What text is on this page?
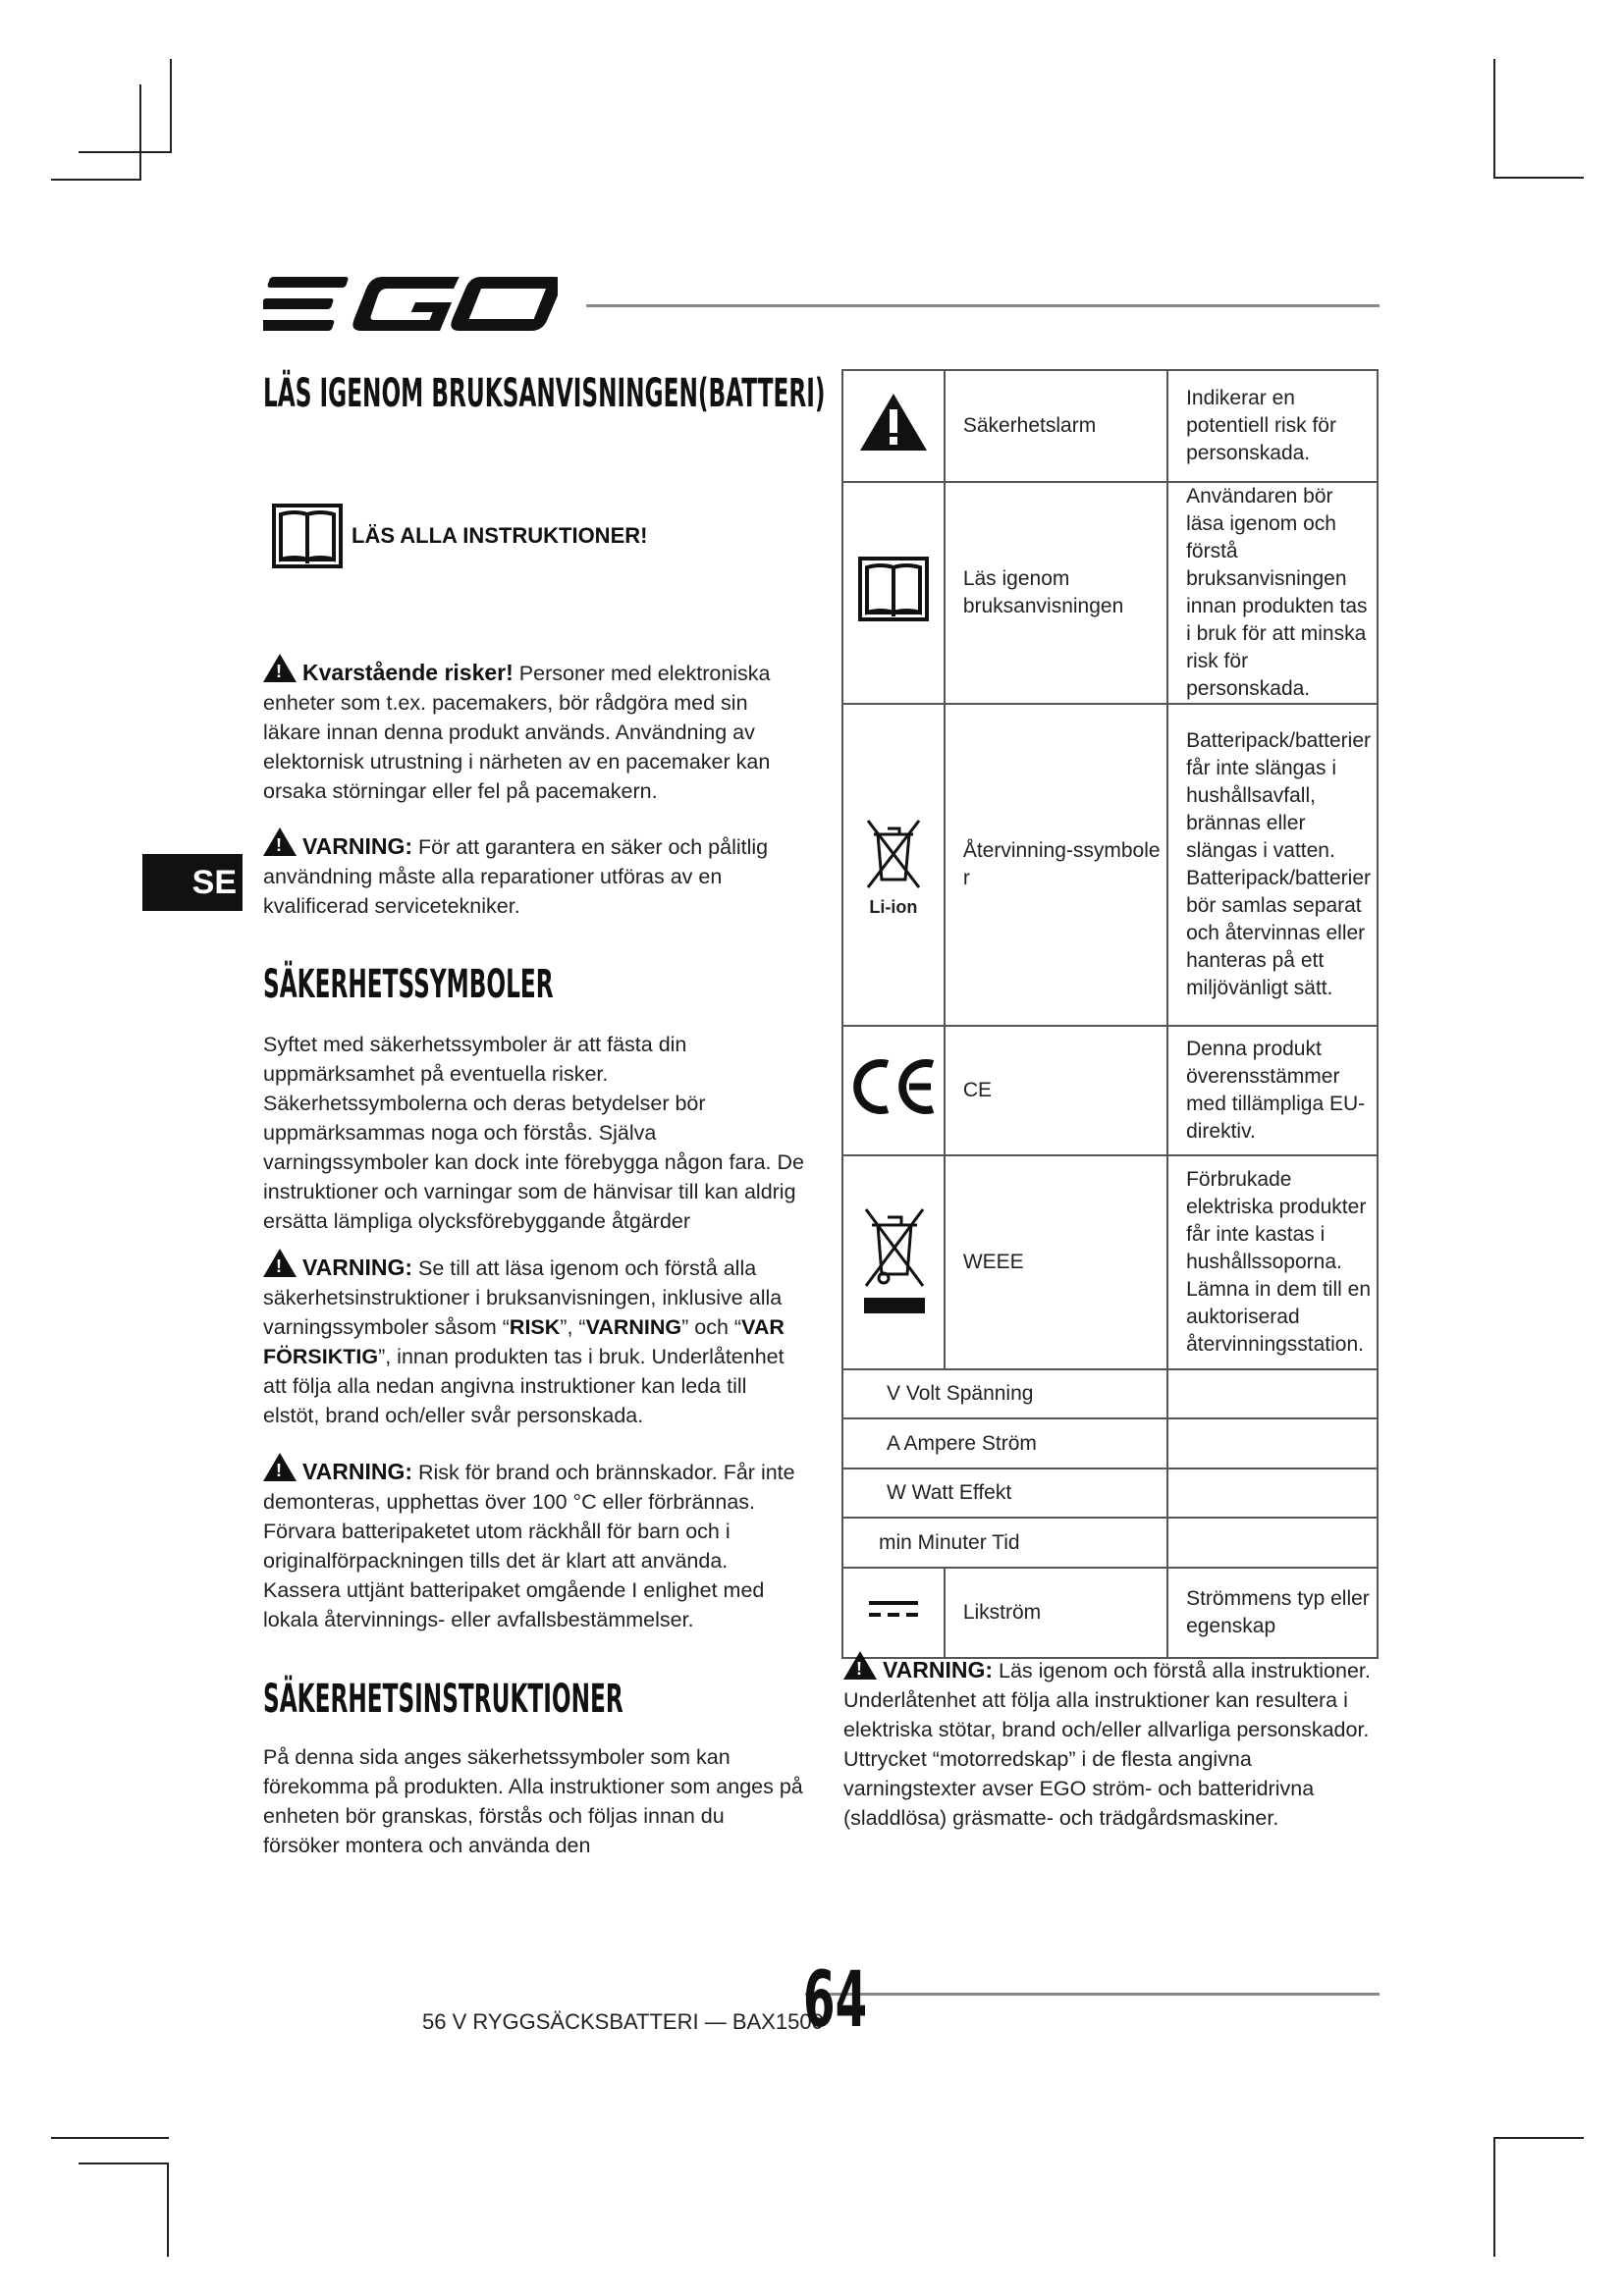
EGO
LÄS IGENOM BRUKSANVISNINGEN(BATTERI)
LÄS ALLA INSTRUKTIONER!
!Kvarstående risker! Personer med elektroniska enheter som t.ex. pacemakers, bör rådgöra med sin läkare innan denna produkt används. Användning av elektornisk utrustning i närheten av en pacemaker kan orsaka störningar eller fel på pacemakern.
!VARNING: För att garantera en säker och pålitlig användning måste alla reparationer utföras av en kvalificerad servicetekniker.
SE
SÄKERHETSSYMBOLER
Syftet med säkerhetssymboler är att fästa din uppmärksamhet på eventuella risker. Säkerhetssymbolerna och deras betydelser bör uppmärksammas noga och förstås. Själva varningssymboler kan dock inte förebygga någon fara. De instruktioner och varningar som de hänvisar till kan aldrig ersätta lämpliga olycksförebyggande åtgärder
!VARNING: Se till att läsa igenom och förstå alla säkerhetsinstruktioner i bruksanvisningen, inklusive alla varningssymboler såsom “RISK”, “VARNING” och “VAR FÖRSIKTIG”, innan produkten tas i bruk. Underlåtenhet att följa alla nedan angivna instruktioner kan leda till elstöt, brand och/eller svår personskada.
!VARNING: Risk för brand och brännskador. Får inte demonteras, upphettas över 100 °C eller förbrännas. Förvara batteripaketet utom räckhåll för barn och i originalförpackningen tills det är klart att använda. Kassera uttjänt batteripaket omgående I enlighet med lokala återvinnings- eller avfallsbestämmelser.
SÄKERHETSINSTRUKTIONER
På denna sida anges säkerhetssymboler som kan förekomma på produkten. Alla instruktioner som anges på enheten bör granskas, förstås och följas innan du försöker montera och använda den
	Säkerhetslarm	Indikerar en potentiell risk för personskada.
	Läs igenom bruksanvisningen	Användaren bör läsa igenom och förstå bruksanvisningen innan produkten tas i bruk för att minska risk för personskada.

Li-ion	Återvinning-ssymboler	Batteripack/batterier får inte slängas i hushållsavfall, brännas eller slängas i vatten. Batteripack/batterier bör samlas separat och återvinnas eller hanteras på ett miljövänligt sätt.
	CE	Denna produkt överensstämmer med tillämpliga EU-direktiv.
	WEEE	Förbrukade elektriska produkter får inte kastas i hushållssoporna. Lämna in dem till en auktoriserad återvinningsstation.
V Volt Spänning		
A Ampere Ström		
W Watt Effekt		
min Minuter Tid		
	Likström	Strömmens typ eller egenskap
!VARNING: Läs igenom och förstå alla instruktioner. Underlåtenhet att följa alla instruktioner kan resultera i elektriska stötar, brand och/eller allvarliga personskador. Uttrycket “motorredskap” i de flesta angivna varningstexter avser EGO ström- och batteridrivna (sladdlösa) gräsmatte- och trädgårdsmaskiner.
56 V RYGGSÄCKSBATTERI — BAX1500
64
